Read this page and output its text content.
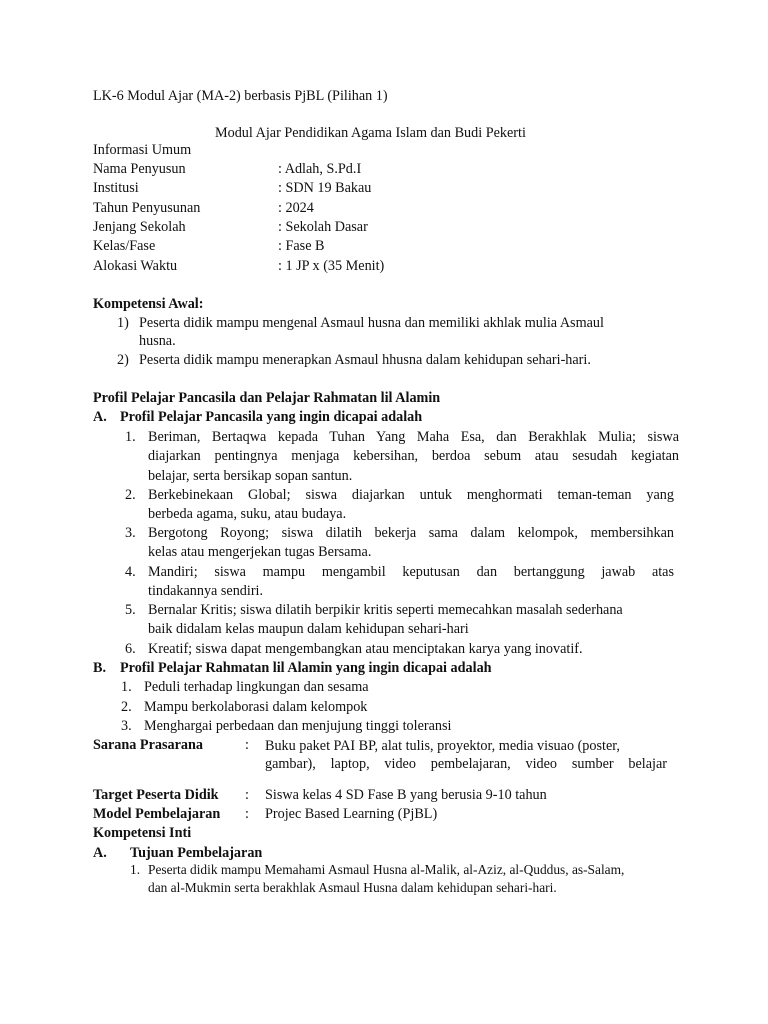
LK-6 Modul Ajar (MA-2) berbasis PjBL (Pilihan 1)
Modul Ajar Pendidikan Agama Islam dan Budi Pekerti
Informasi Umum
Nama Penyusun	: Adlah, S.Pd.I
Institusi	: SDN 19 Bakau
Tahun Penyusunan	: 2024
Jenjang Sekolah	: Sekolah Dasar
Kelas/Fase	: Fase B
Alokasi Waktu	: 1 JP x (35 Menit)
Kompetensi Awal:
1) Peserta didik mampu mengenal Asmaul husna dan memiliki akhlak mulia Asmaul
husna.
2) Peserta didik mampu menerapkan Asmaul hhusna dalam kehidupan sehari-hari.
Profil Pelajar Pancasila dan Pelajar Rahmatan lil Alamin
A. Profil Pelajar Pancasila yang ingin dicapai adalah
1. Beriman, Bertaqwa kepada Tuhan Yang Maha Esa, dan Berakhlak Mulia; siswa
diajarkan pentingnya menjaga kebersihan, berdoa sebum atau sesudah kegiatan
belajar, serta bersikap sopan santun.
2. Berkebinekaan Global; siswa diajarkan untuk menghormati teman-teman yang
berbeda agama, suku, atau budaya.
3. Bergotong Royong; siswa dilatih bekerja sama dalam kelompok, membersihkan
kelas atau mengerjekan tugas Bersama.
4. Mandiri; siswa mampu mengambil keputusan dan bertanggung jawab atas
tindakannya sendiri.
5. Bernalar Kritis; siswa dilatih berpikir kritis seperti memecahkan masalah sederhana
baik didalam kelas maupun dalam kehidupan sehari-hari
6. Kreatif; siswa dapat mengembangkan atau menciptakan karya yang inovatif.
B. Profil Pelajar Rahmatan lil Alamin yang ingin dicapai adalah
1. Peduli terhadap lingkungan dan sesama
2. Mampu berkolaborasi dalam kelompok
3. Menghargai perbedaan dan menjujung tinggi toleransi
Sarana Prasarana	: Buku paket PAI BP, alat tulis, proyektor, media visuao (poster,
gambar), laptop, video pembelajaran, video sumber belajar
Target Peserta Didik : Siswa kelas 4 SD Fase B yang berusia 9-10 tahun
Model Pembelajaran : Projec Based Learning (PjBL)
Kompetensi Inti
A. Tujuan Pembelajaran
1. Peserta didik mampu Memahami Asmaul Husna al-Malik, al-Aziz, al-Quddus, as-Salam,
dan al-Mukmin serta berakhlak Asmaul Husna dalam kehidupan sehari-hari.
